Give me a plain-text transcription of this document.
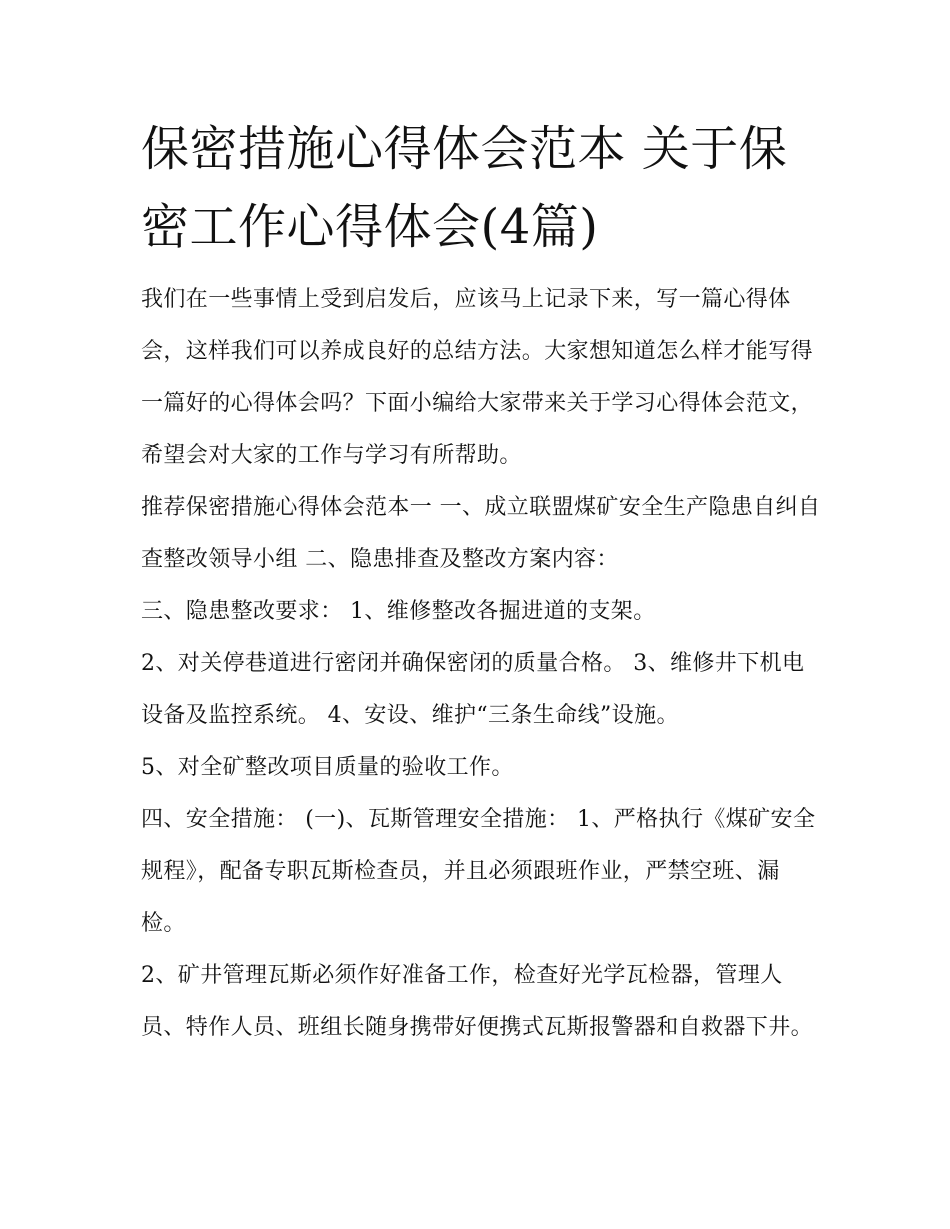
保密措施心得体会范本 关于保密工作心得体会(4篇)

我们在一些事情上受到启发后，应该马上记录下来，写一篇心得体会，这样我们可以养成良好的总结方法。大家想知道怎么样才能写得一篇好的心得体会吗？下面小编给大家带来关于学习心得体会范文，希望会对大家的工作与学习有所帮助。

推荐保密措施心得体会范本一 一、成立联盟煤矿安全生产隐患自纠自查整改领导小组 二、隐患排查及整改方案内容：

三、隐患整改要求： 1、维修整改各掘进道的支架。

2、对关停巷道进行密闭并确保密闭的质量合格。 3、维修井下机电设备及监控系统。 4、安设、维护“三条生命线”设施。

5、对全矿整改项目质量的验收工作。

四、安全措施： (一)、瓦斯管理安全措施： 1、严格执行《煤矿安全规程》，配备专职瓦斯检查员，并且必须跟班作业，严禁空班、漏检。

2、矿井管理瓦斯必须作好准备工作，检查好光学瓦检器，管理人员、特作人员、班组长随身携带好便携式瓦斯报警器和自救器下井。
